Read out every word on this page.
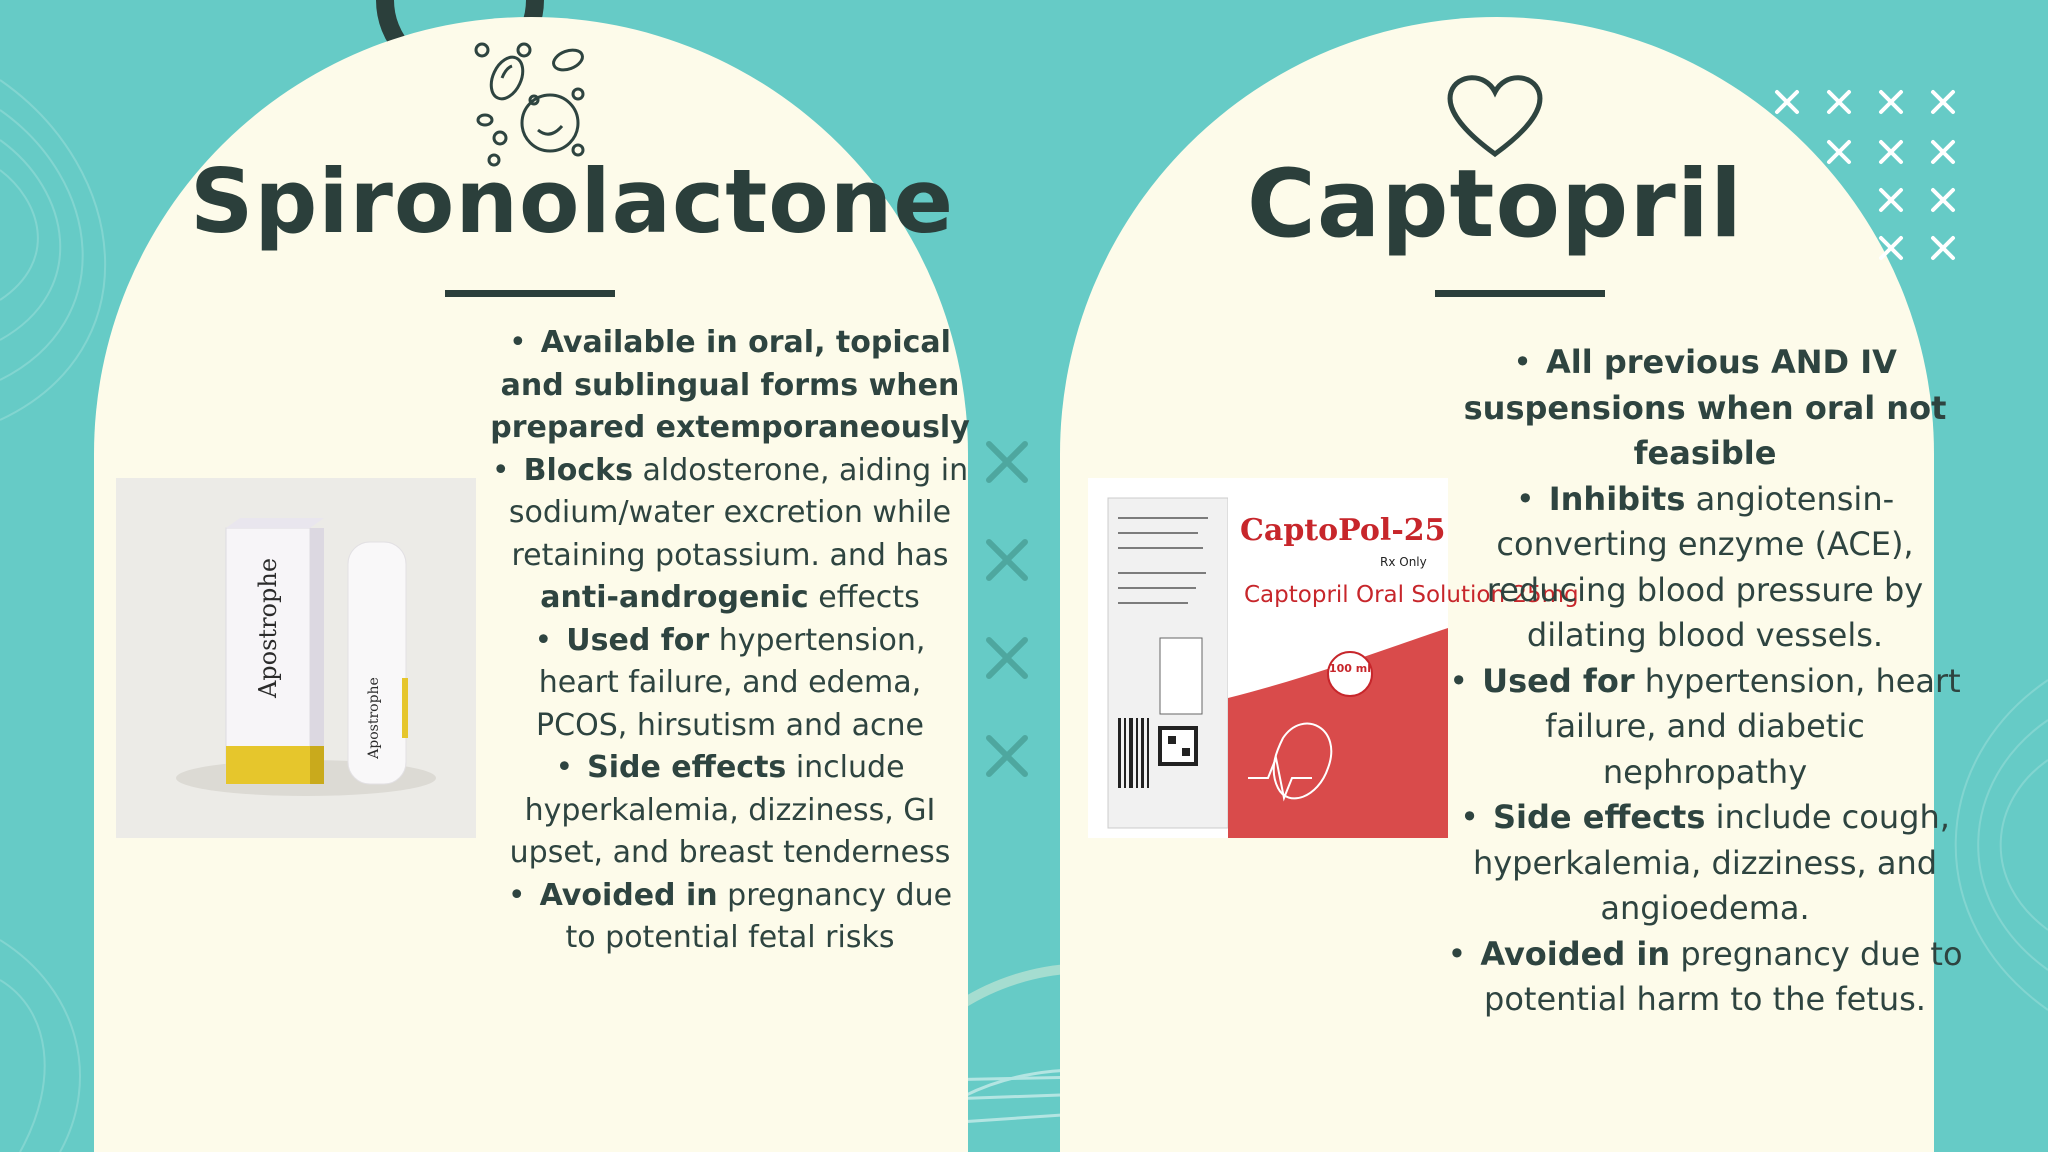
Spironolactone
Apostrophe
Apostrophe
• Available in oral, topical and sublingual forms when prepared extemporaneously
• Blocks aldosterone, aiding in sodium/water excretion while retaining potassium. and has anti-androgenic effects
• Used for hypertension, heart failure, and edema, PCOS, hirsutism and acne
• Side effects include hyperkalemia, dizziness, GI upset, and breast tenderness
• Avoided in pregnancy due to potential fetal risks
Captopril
CaptoPol-25
Rx Only
Captopril Oral Solution 25mg
100 ml
• All previous AND IV suspensions when oral not feasible
• Inhibits angiotensin-converting enzyme (ACE), reducing blood pressure by dilating blood vessels.
• Used for hypertension, heart failure, and diabetic nephropathy
• Side effects include cough, hyperkalemia, dizziness, and angioedema.
• Avoided in pregnancy due to potential harm to the fetus.
